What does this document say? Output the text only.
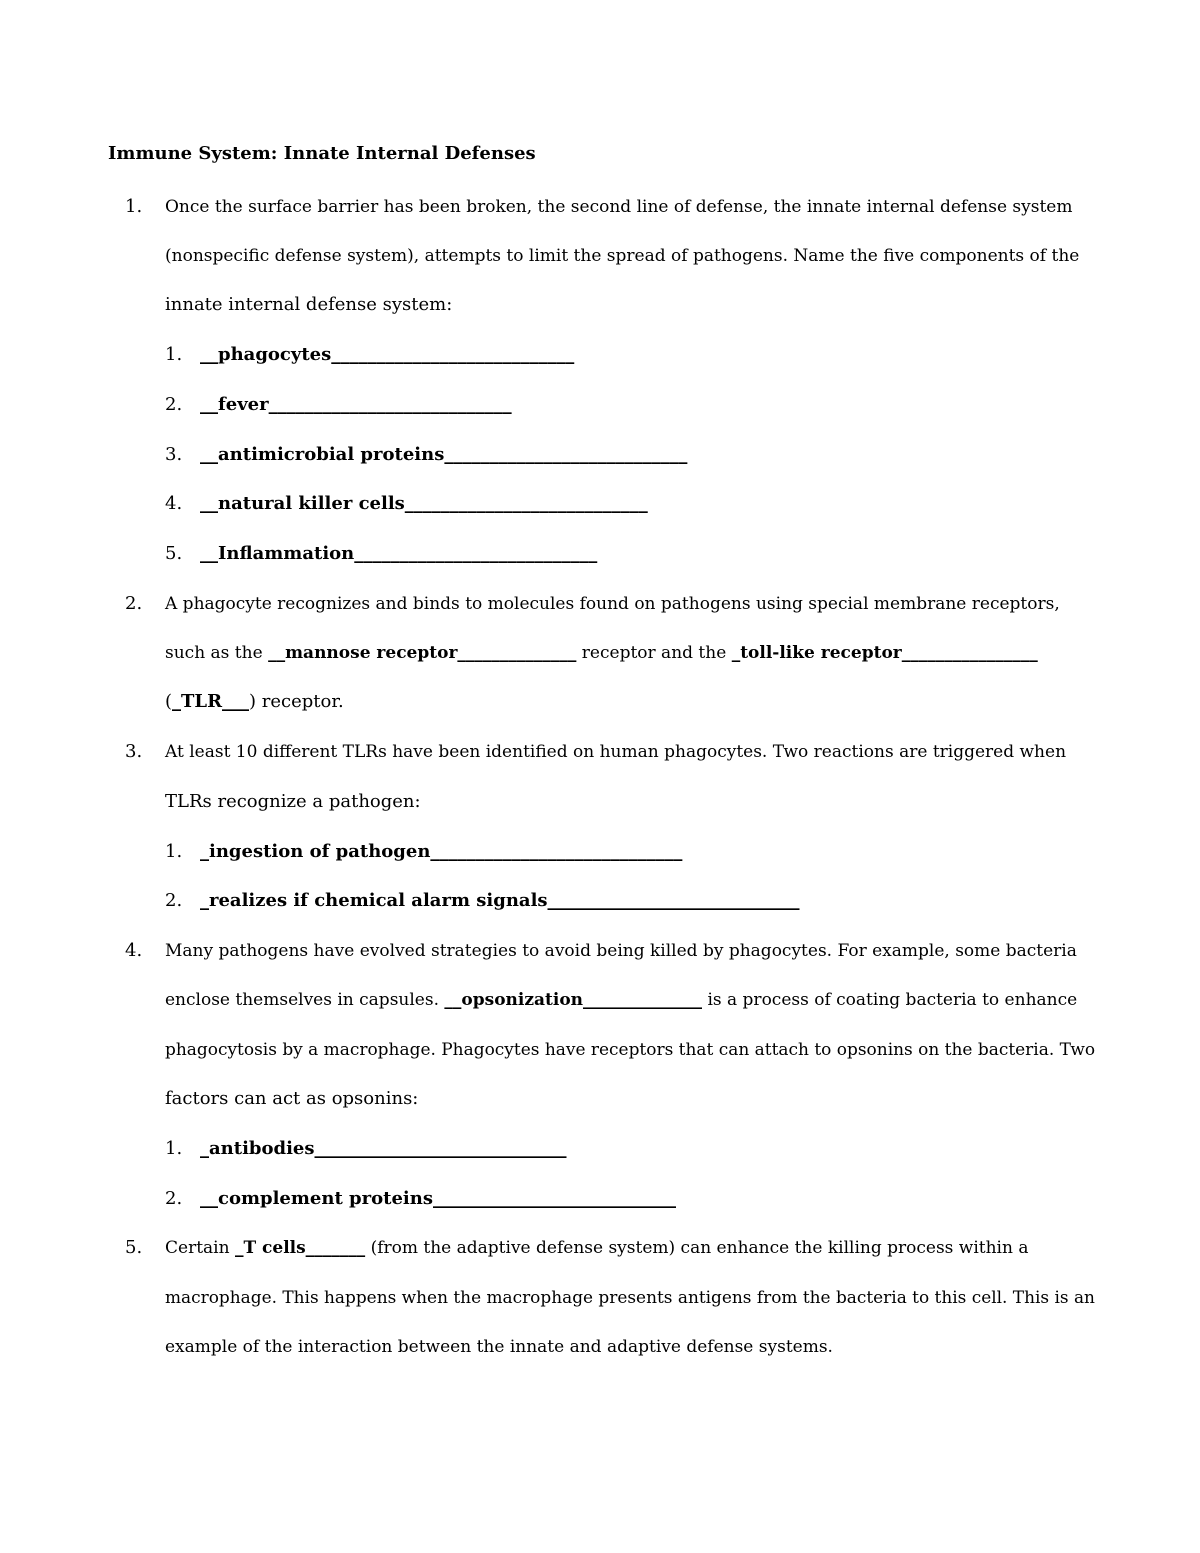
Immune System: Innate Internal Defenses
1. Once the surface barrier has been broken, the second line of defense, the innate internal defense system
(nonspecific defense system), attempts to limit the spread of pathogens. Name the five components of the
innate internal defense system:
1. __phagocytes___________________________
2. __fever___________________________
3. __antimicrobial proteins___________________________
4. __natural killer cells___________________________
5. __Inflammation___________________________
2. A phagocyte recognizes and binds to molecules found on pathogens using special membrane receptors,
such as the __mannose receptor______________ receptor and the _toll-like receptor________________
(_TLR___) receptor.
3. At least 10 different TLRs have been identified on human phagocytes. Two reactions are triggered when
TLRs recognize a pathogen:
1. _ingestion of pathogen____________________________
2. _realizes if chemical alarm signals____________________________
4. Many pathogens have evolved strategies to avoid being killed by phagocytes. For example, some bacteria
enclose themselves in capsules. __opsonization______________ is a process of coating bacteria to enhance
phagocytosis by a macrophage. Phagocytes have receptors that can attach to opsonins on the bacteria. Two
factors can act as opsonins:
1. _antibodies____________________________
2. __complement proteins___________________________
5. Certain _T cells_______ (from the adaptive defense system) can enhance the killing process within a
macrophage. This happens when the macrophage presents antigens from the bacteria to this cell. This is an
example of the interaction between the innate and adaptive defense systems.
